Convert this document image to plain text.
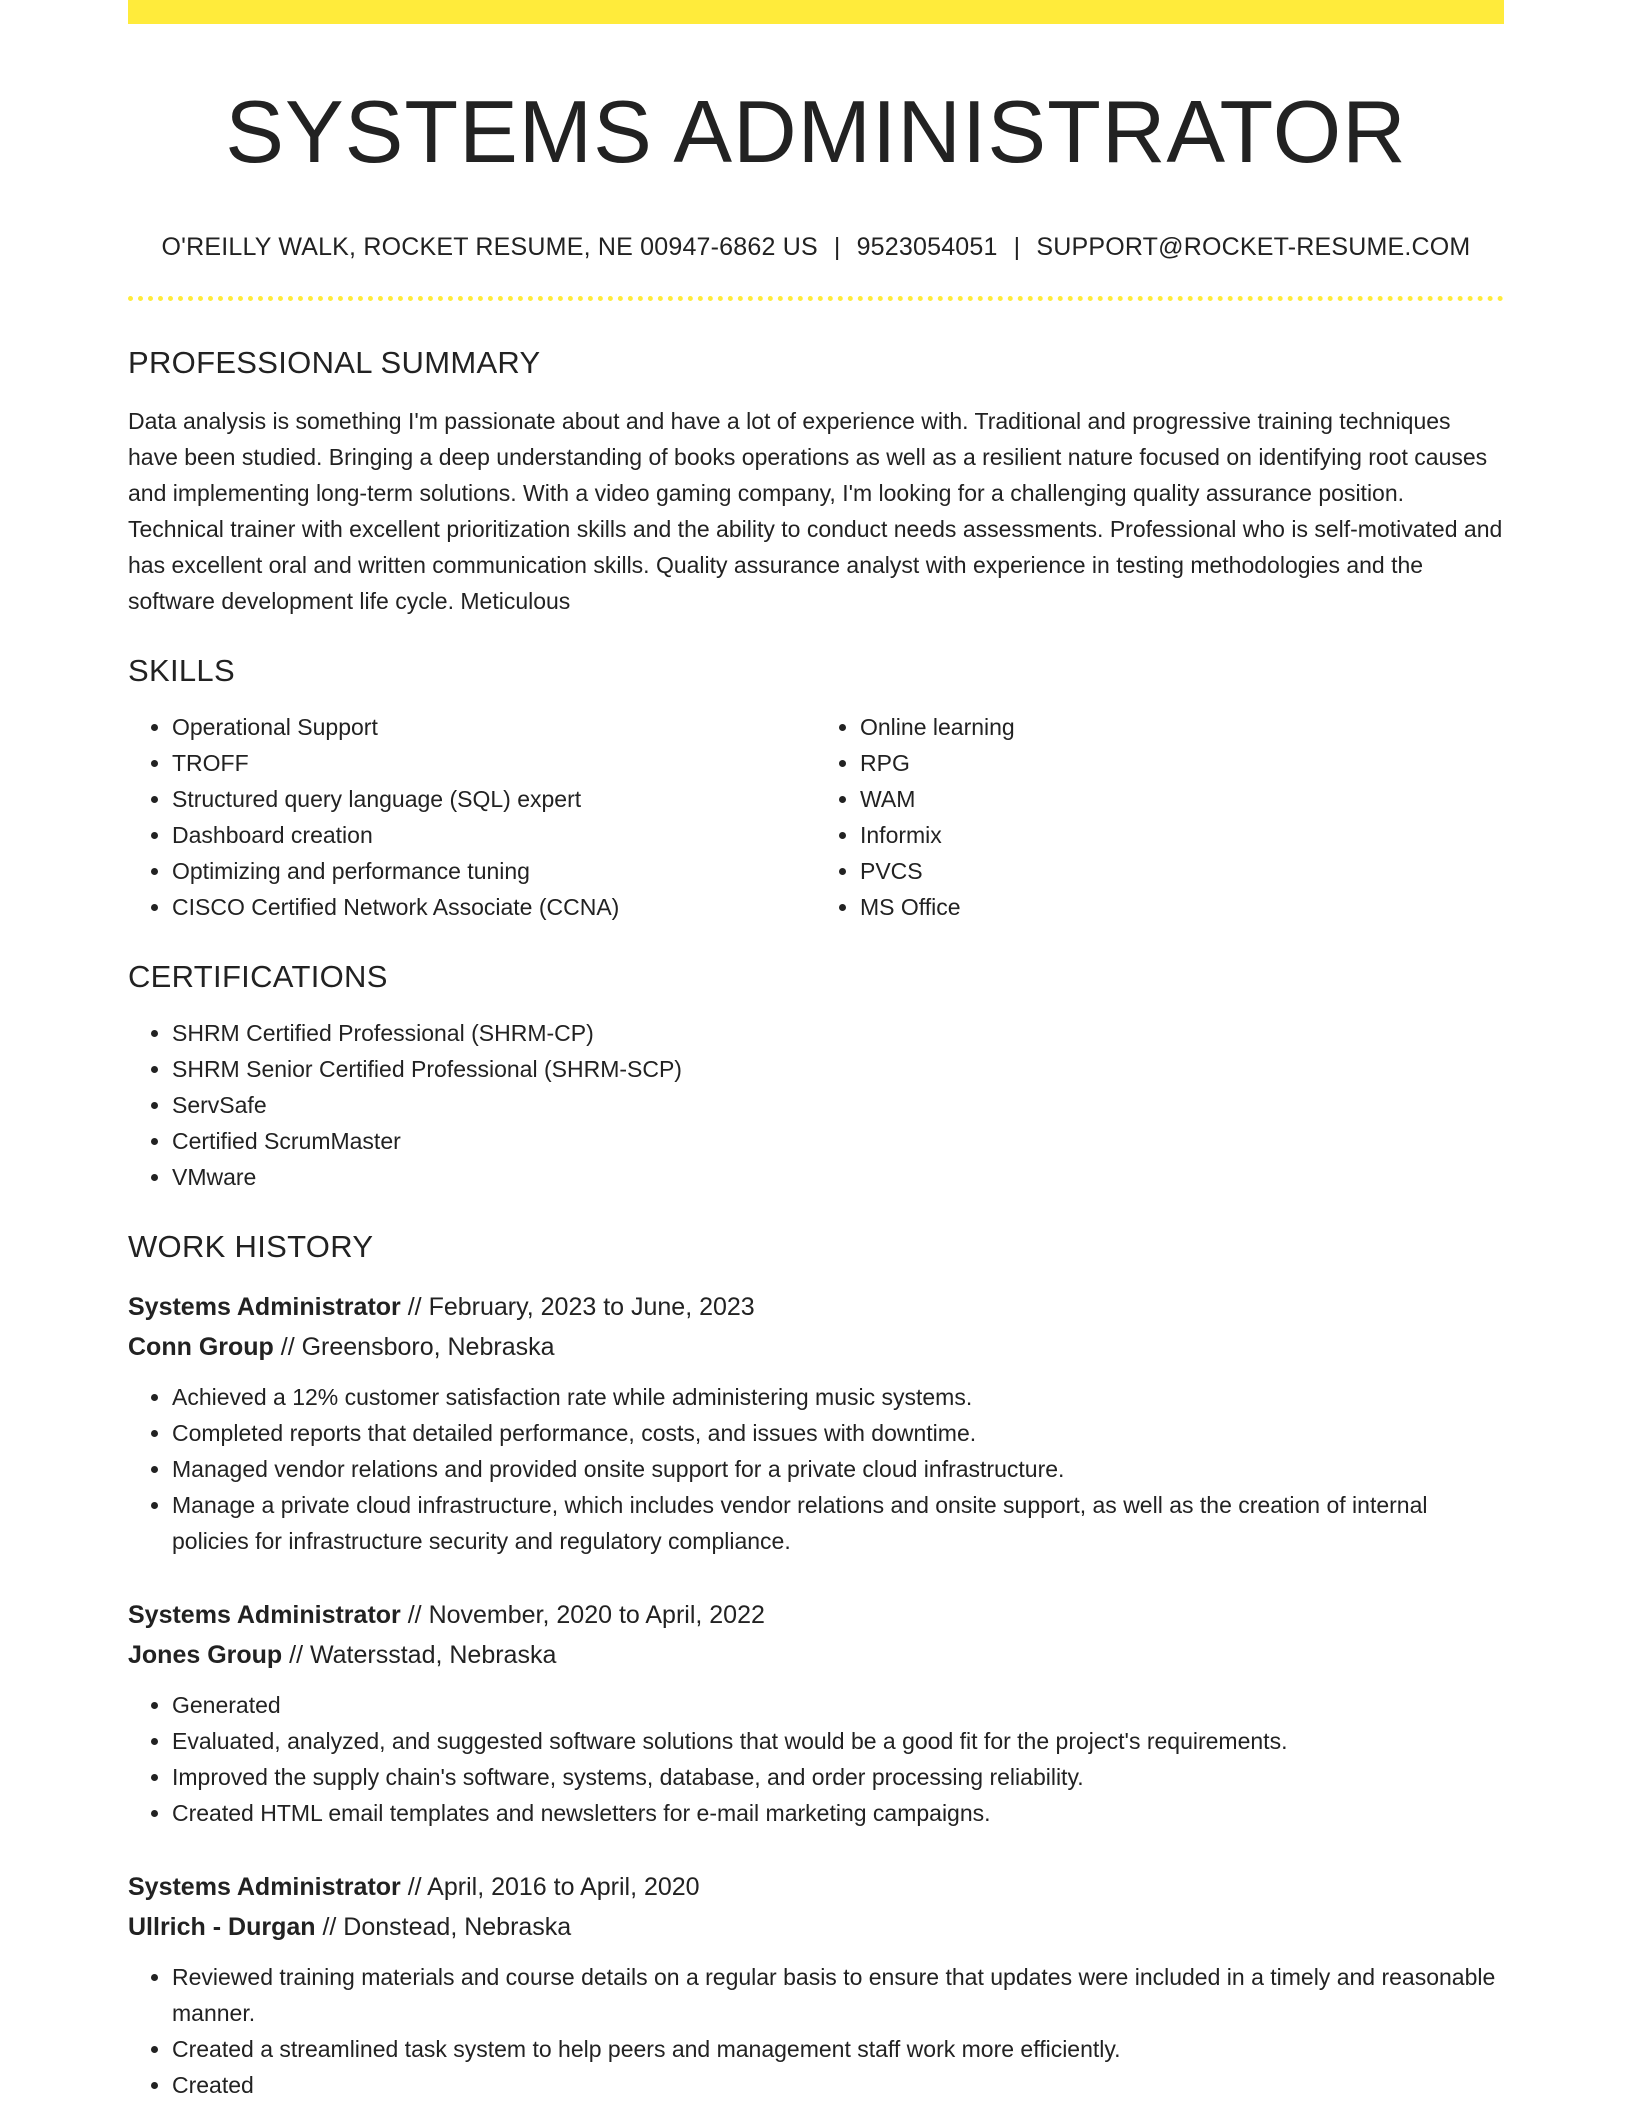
SYSTEMS ADMINISTRATOR
O'REILLY WALK, ROCKET RESUME, NE 00947-6862 US | 9523054051 | SUPPORT@ROCKET-RESUME.COM
PROFESSIONAL SUMMARY
Data analysis is something I'm passionate about and have a lot of experience with. Traditional and progressive training techniques have been studied. Bringing a deep understanding of books operations as well as a resilient nature focused on identifying root causes and implementing long-term solutions. With a video gaming company, I'm looking for a challenging quality assurance position. Technical trainer with excellent prioritization skills and the ability to conduct needs assessments. Professional who is self-motivated and has excellent oral and written communication skills. Quality assurance analyst with experience in testing methodologies and the software development life cycle. Meticulous
SKILLS
• Operational Support
• TROFF
• Structured query language (SQL) expert
• Dashboard creation
• Optimizing and performance tuning
• CISCO Certified Network Associate (CCNA)
• Online learning
• RPG
• WAM
• Informix
• PVCS
• MS Office
CERTIFICATIONS
• SHRM Certified Professional (SHRM-CP)
• SHRM Senior Certified Professional (SHRM-SCP)
• ServSafe
• Certified ScrumMaster
• VMware
WORK HISTORY
Systems Administrator // February, 2023 to June, 2023
Conn Group // Greensboro, Nebraska
• Achieved a 12% customer satisfaction rate while administering music systems.
• Completed reports that detailed performance, costs, and issues with downtime.
• Managed vendor relations and provided onsite support for a private cloud infrastructure.
• Manage a private cloud infrastructure, which includes vendor relations and onsite support, as well as the creation of internal policies for infrastructure security and regulatory compliance.
Systems Administrator // November, 2020 to April, 2022
Jones Group // Watersstad, Nebraska
• Generated
• Evaluated, analyzed, and suggested software solutions that would be a good fit for the project's requirements.
• Improved the supply chain's software, systems, database, and order processing reliability.
• Created HTML email templates and newsletters for e-mail marketing campaigns.
Systems Administrator // April, 2016 to April, 2020
Ullrich - Durgan // Donstead, Nebraska
• Reviewed training materials and course details on a regular basis to ensure that updates were included in a timely and reasonable manner.
• Created a streamlined task system to help peers and management staff work more efficiently.
• Created
